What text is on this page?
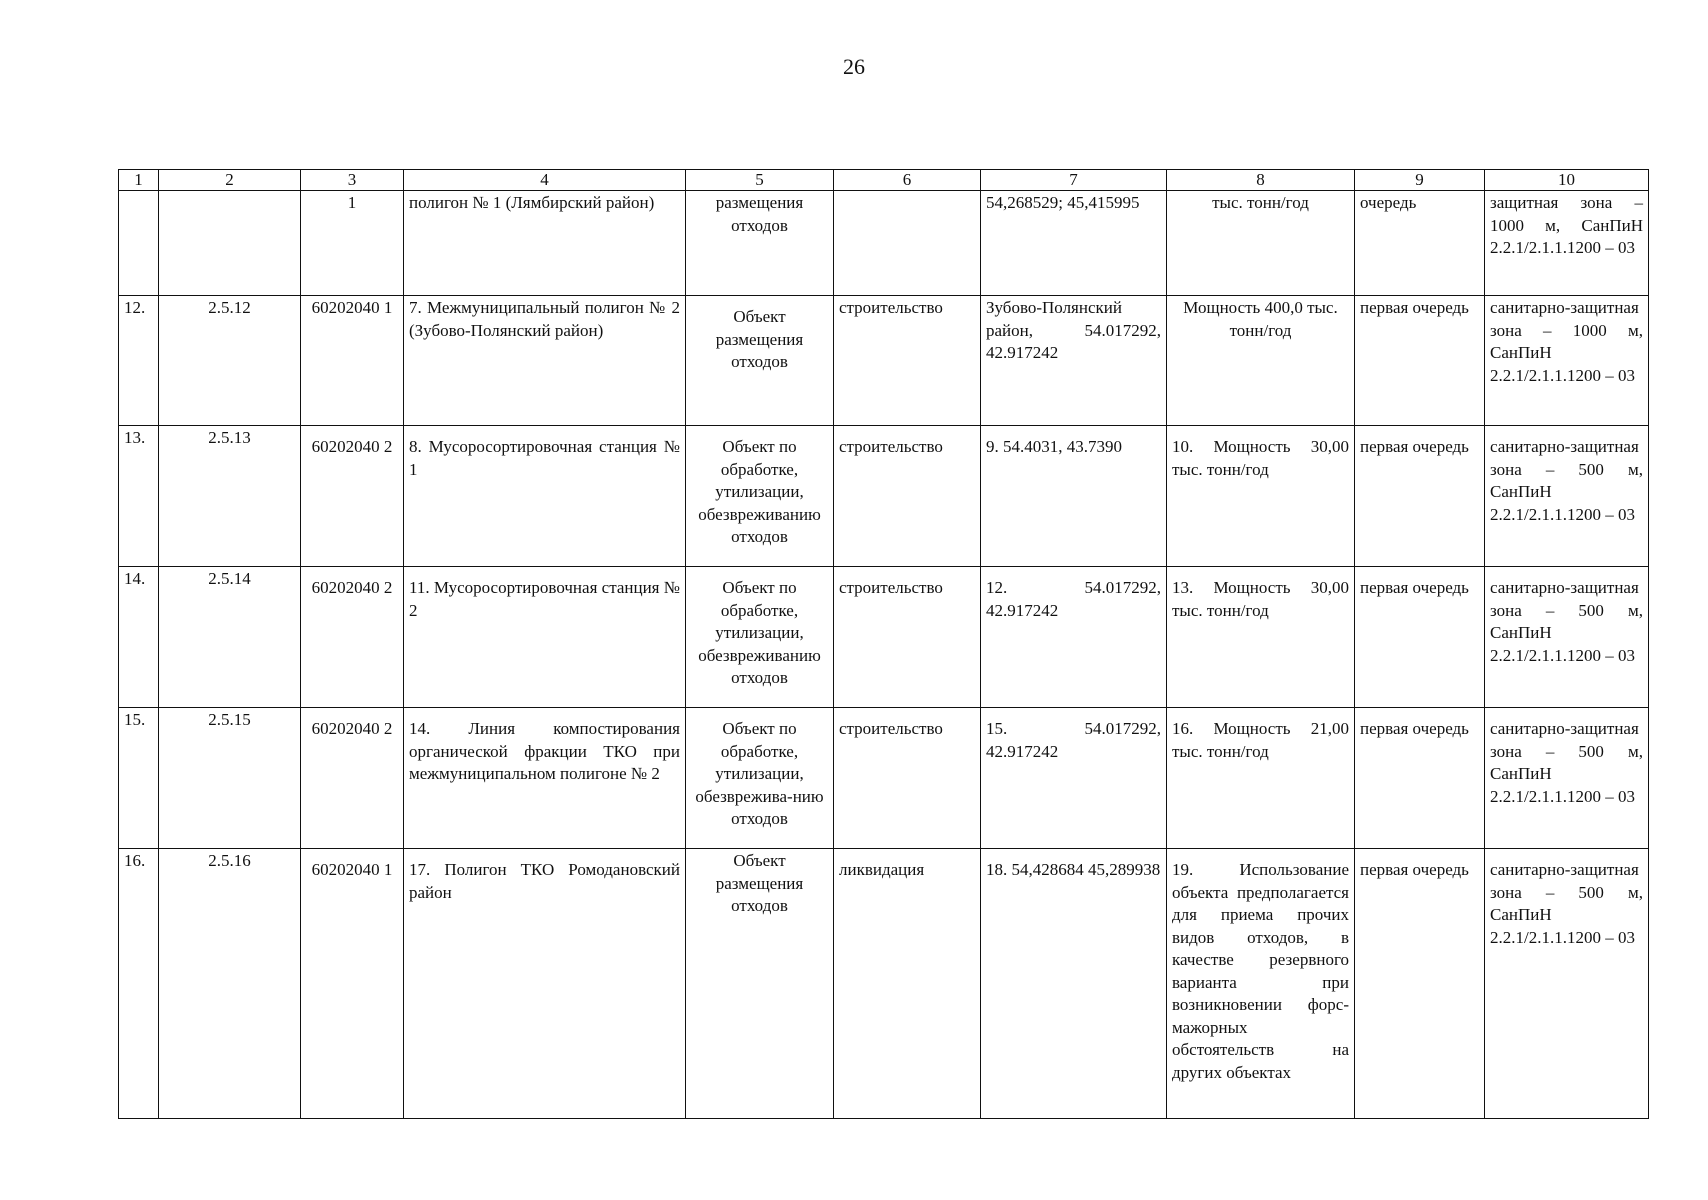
26
1	2	3	4	5	6	7	8	9	10
		1	полигон № 1 (Лямбирский район)	размещения отходов		54,268529; 45,415995	тыс. тонн/год	очередь	защитная зона – 1000 м, СанПиН 2.2.1/2.1.1.1200 – 03
12.	2.5.12	60202040 1	7. Межмуниципальный полигон № 2 (Зубово-Полянский район)	Объект размещения отходов	строительство	Зубово-Полянский район, 54.017292, 42.917242	Мощность 400,0 тыс. тонн/год	первая очередь	санитарно-защитная зона – 1000 м, СанПиН 2.2.1/2.1.1.1200 – 03
13.	2.5.13	60202040 2	8. Мусоросортировочная станция № 1	Объект по обработке, утилизации, обезвреживанию отходов	строительство	9. 54.4031, 43.7390	10. Мощность 30,00 тыс. тонн/год	первая очередь	санитарно-защитная зона – 500 м, СанПиН 2.2.1/2.1.1.1200 – 03
14.	2.5.14	60202040 2	11. Мусоросортировочная станция № 2	Объект по обработке, утилизации, обезвреживанию отходов	строительство	12. 54.017292, 42.917242	13. Мощность 30,00 тыс. тонн/год	первая очередь	санитарно-защитная зона – 500 м, СанПиН 2.2.1/2.1.1.1200 – 03
15.	2.5.15	60202040 2	14. Линия компостирования органической фракции ТКО при межмуниципальном полигоне № 2	Объект по обработке, утилизации, обезврежива-нию отходов	строительство	15. 54.017292, 42.917242	16. Мощность 21,00 тыс. тонн/год	первая очередь	санитарно-защитная зона – 500 м, СанПиН 2.2.1/2.1.1.1200 – 03
16.	2.5.16	60202040 1	17. Полигон ТКО Ромодановский район	Объект размещения отходов	ликвидация	18. 54,428684 45,289938	19. Использование объекта предполагается для приема прочих видов отходов, в качестве резервного варианта при возникновении форс-мажорных обстоятельств на других объектах	первая очередь	санитарно-защитная зона – 500 м, СанПиН 2.2.1/2.1.1.1200 – 03
